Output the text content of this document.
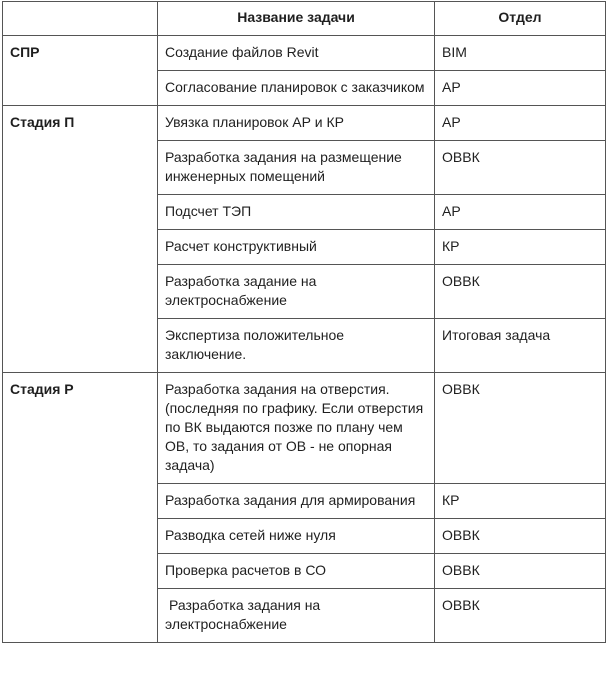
	Название задачи	Отдел
СПР	Создание файлов Revit	BIM
	Согласование планировок с заказчиком	АР
Стадия П	Увязка планировок АР и КР	АР
	Разработка задания на размещение инженерных помещений	ОВВК
	Подсчет ТЭП	АР
	Расчет конструктивный	КР
	Разработка задание на электроснабжение	ОВВК
	Экспертиза положительное заключение.	Итоговая задача
Стадия Р	Разработка задания на отверстия. (последняя по графику. Если отверстия по ВК выдаются позже по плану чем ОВ, то задания от ОВ - не опорная задача)	ОВВК
	Разработка задания для армирования	КР
	Разводка сетей ниже нуля	ОВВК
	Проверка расчетов в СО	ОВВК
	Разработка задания на электроснабжение	ОВВК
